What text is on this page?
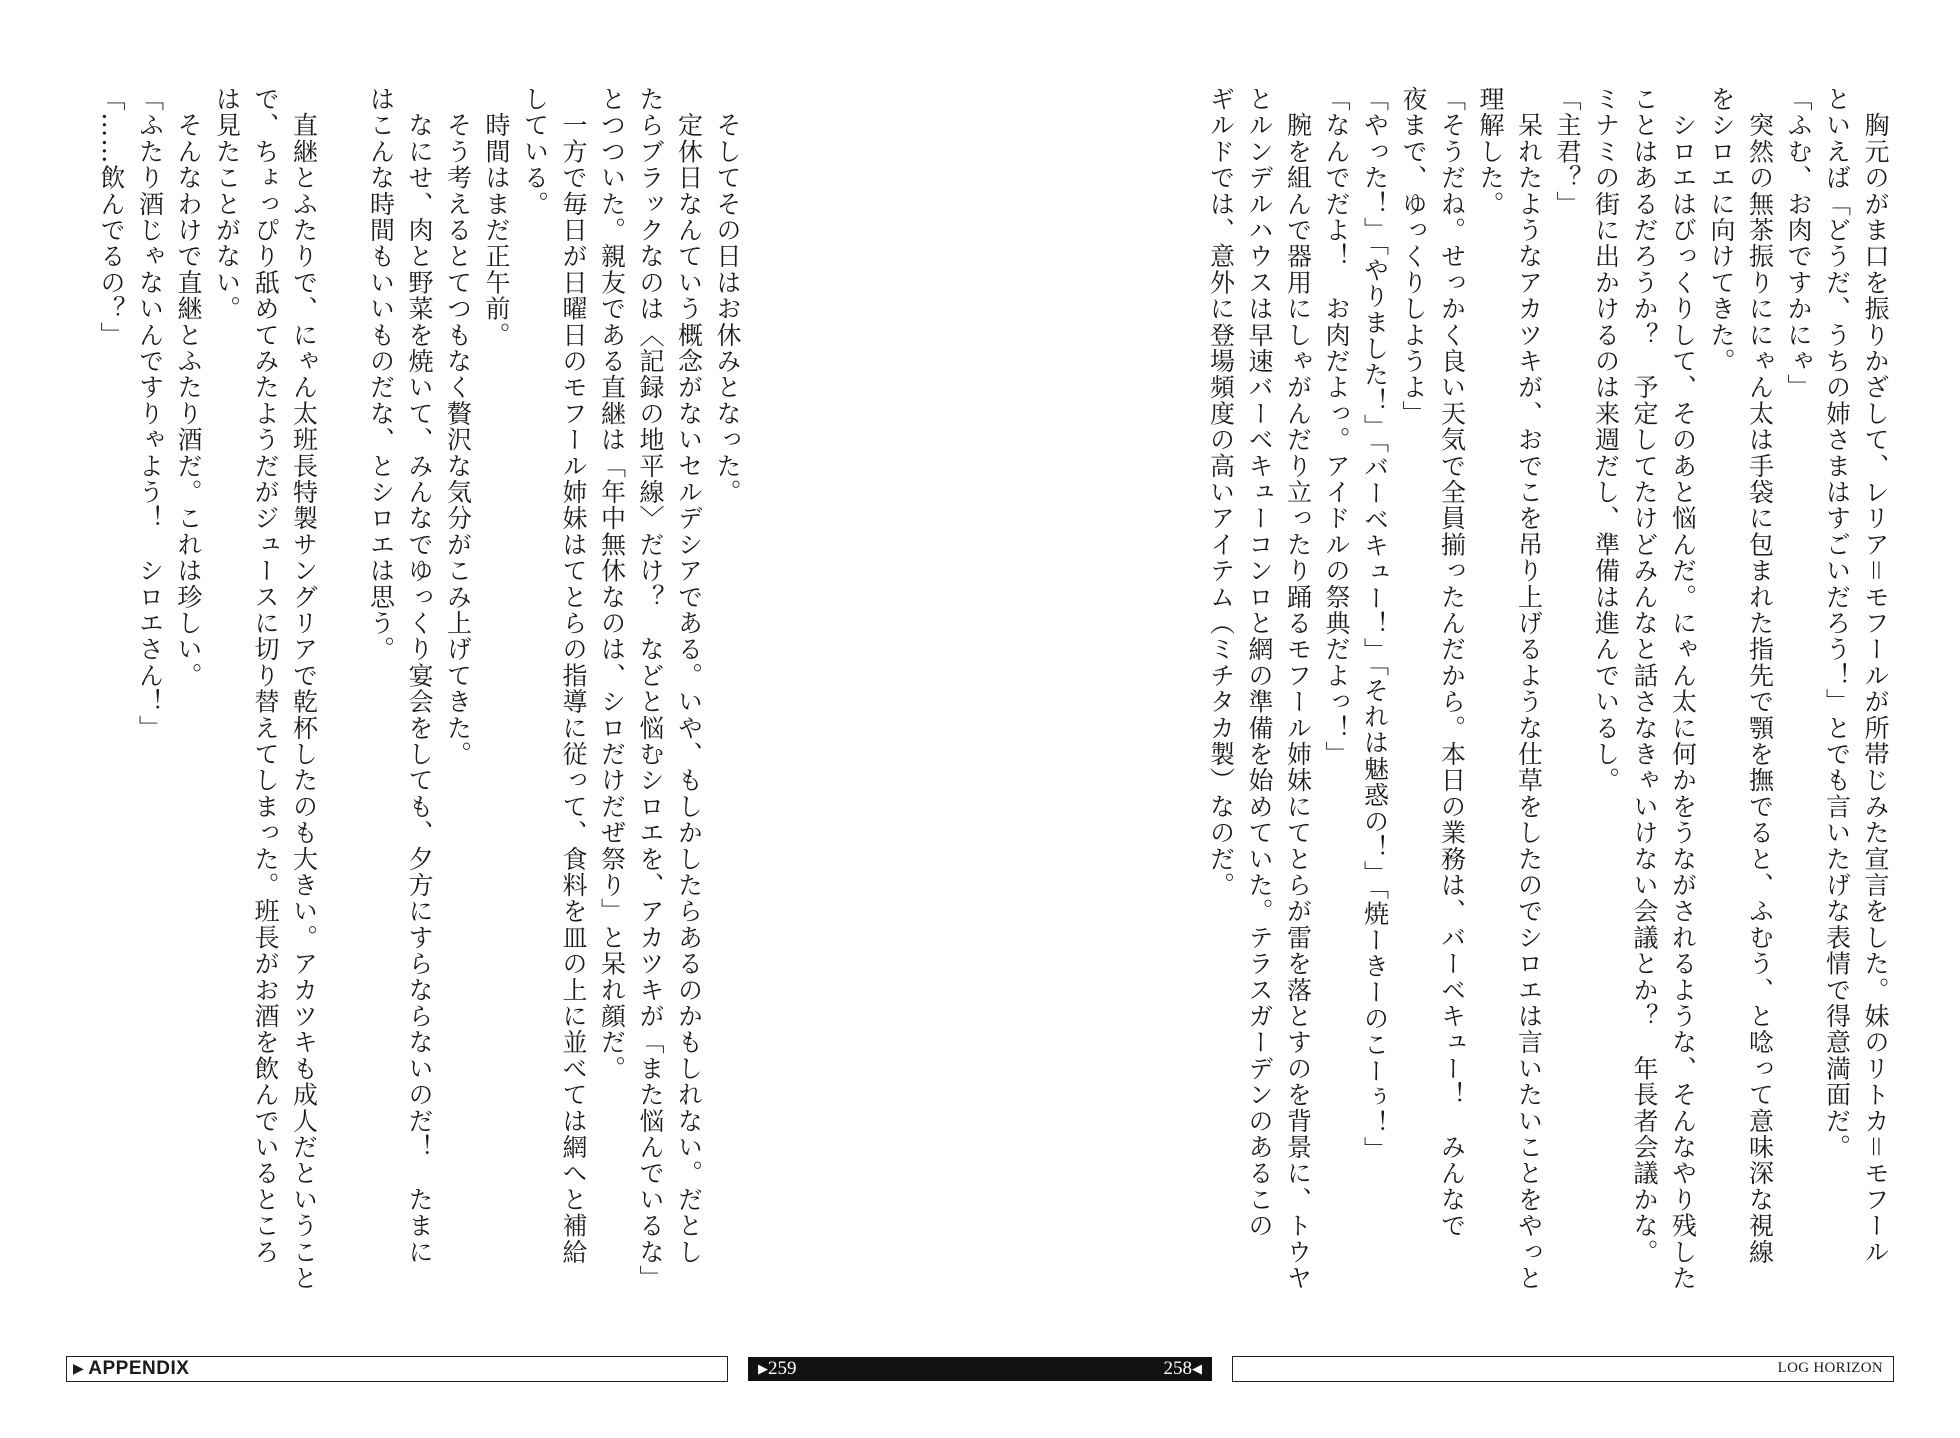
　そしてその日はお休みとなった。

　定休日なんていう概念がないセルデシアである。いや、もしかしたらあるのかもしれない。だとし

たらブラックなのは〈記録の地平線〉だけ？　などと悩むシロエを、アカツキが「また悩んでいるな」

とつついた。親友である直継は「年中無休なのは、シロだけだぜ祭り」と呆れ顔だ。

　一方で毎日が日曜日のモフール姉妹はてとらの指導に従って、食料を皿の上に並べては網へと補給

している。

　時間はまだ正午前。

　そう考えるとてつもなく贅沢な気分がこみ上げてきた。

　なにせ、肉と野菜を焼いて、みんなでゆっくり宴会をしても、夕方にすらならないのだ！　たまに

はこんな時間もいいものだな、とシロエは思う。

　直継とふたりで、にゃん太班長特製サングリアで乾杯したのも大きい。アカツキも成人だということ

で、ちょっぴり舐めてみたようだがジュースに切り替えてしまった。班長がお酒を飲んでいるところ

は見たことがない。

　そんなわけで直継とふたり酒だ。これは珍しい。

「ふたり酒じゃないんですりゃよう！　シロエさん！」

「……飲んでるの？」	　胸元のがま口を振りかざして、レリア＝モフールが所帯じみた宣言をした。妹のリトカ＝モフール

といえば「どうだ、うちの姉さまはすごいだろう！」とでも言いたげな表情で得意満面だ。

「ふむ、お肉ですかにゃ」

　突然の無茶振りににゃん太は手袋に包まれた指先で顎を撫でると、ふむう、と唸って意味深な視線

をシロエに向けてきた。

　シロエはびっくりして、そのあと悩んだ。にゃん太に何かをうながされるような、そんなやり残した

ことはあるだろうか？　予定してたけどみんなと話さなきゃいけない会議とか？　年長者会議かな。

ミナミの街に出かけるのは来週だし、準備は進んでいるし。

「主君？」

　呆れたようなアカツキが、おでこを吊り上げるような仕草をしたのでシロエは言いたいことをやっと

理解した。

「そうだね。せっかく良い天気で全員揃ったんだから。本日の業務は、バーベキュー！　みんなで

夜まで、ゆっくりしようよ」

「やった！」「やりました！」「バーベキュー！」「それは魅惑の！」「焼ーきーのこーぅ！」

「なんでだよ！　お肉だよっ。アイドルの祭典だよっ！」

　腕を組んで器用にしゃがんだり立ったり踊るモフール姉妹にてとらが雷を落とすのを背景に、トウヤ

とルンデルハウスは早速バーベキューコンロと網の準備を始めていた。テラスガーデンのあるこの

ギルドでは、意外に登場頻度の高いアイテム（ミチタカ製）なのだ。

▶ APPENDIX	▶259	258◀	LOG HORIZON
